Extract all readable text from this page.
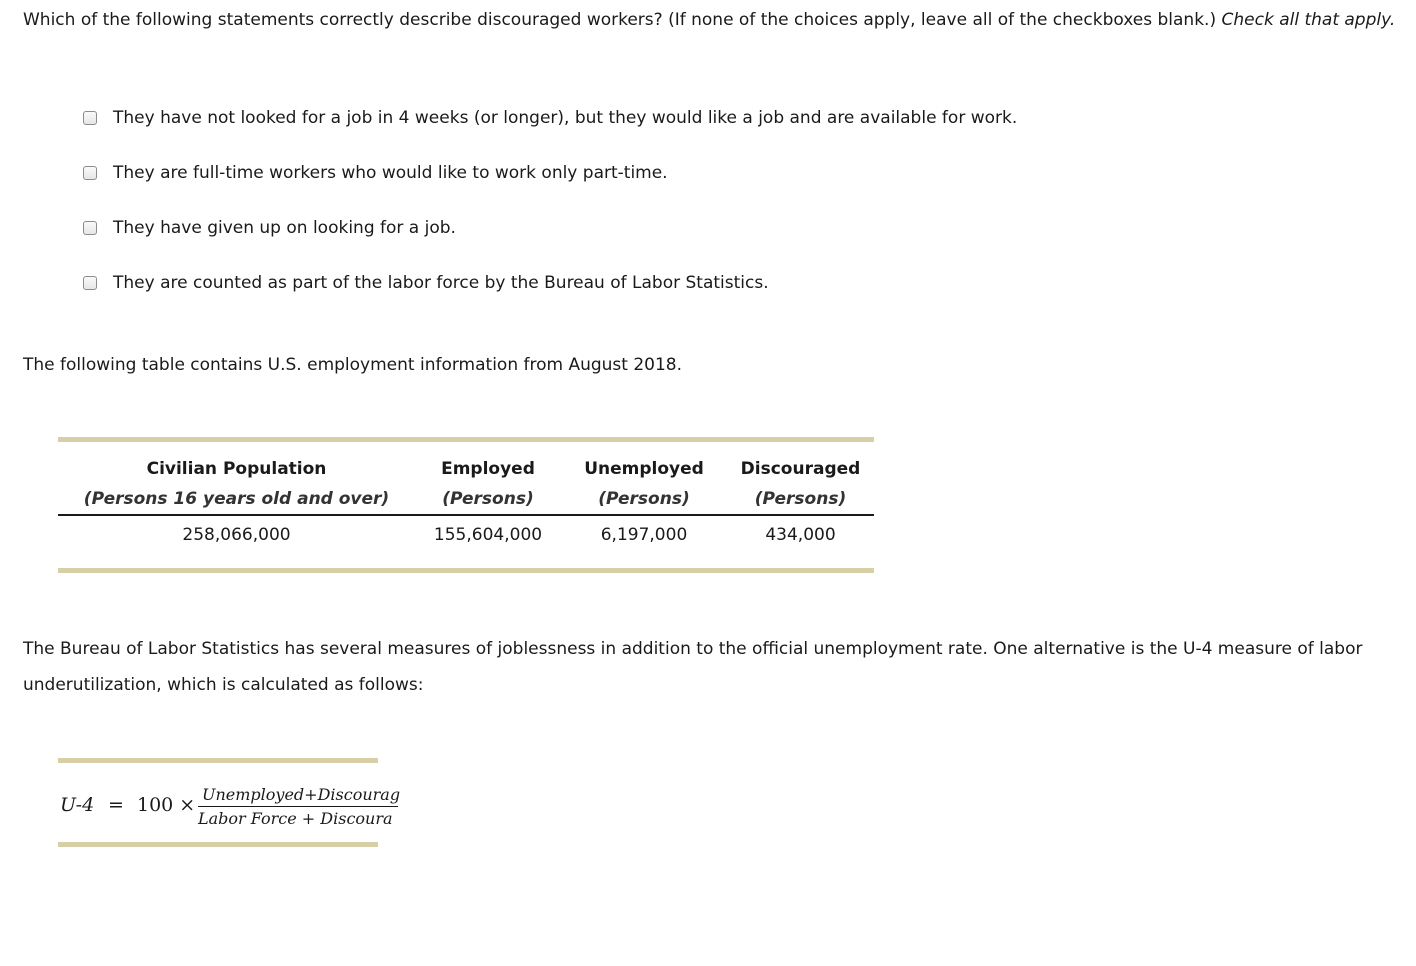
Which of the following statements correctly describe discouraged workers? (If none of the choices apply, leave all of the checkboxes blank.) Check all that apply.
They have not looked for a job in 4 weeks (or longer), but they would like a job and are available for work.
They are full-time workers who would like to work only part-time.
They have given up on looking for a job.
They are counted as part of the labor force by the Bureau of Labor Statistics.
The following table contains U.S. employment information from August 2018.

Civilian Population	Employed	Unemployed	Discouraged
(Persons 16 years old and over)	(Persons)	(Persons)	(Persons)
258,066,000	155,604,000	6,197,000	434,000

The Bureau of Labor Statistics has several measures of joblessness in addition to the official unemployment rate. One alternative is the U-4 measure of labor underutilization, which is calculated as follows:
U-4 = 100 × Unemployed+Discourag
Labor Force + Discoura
